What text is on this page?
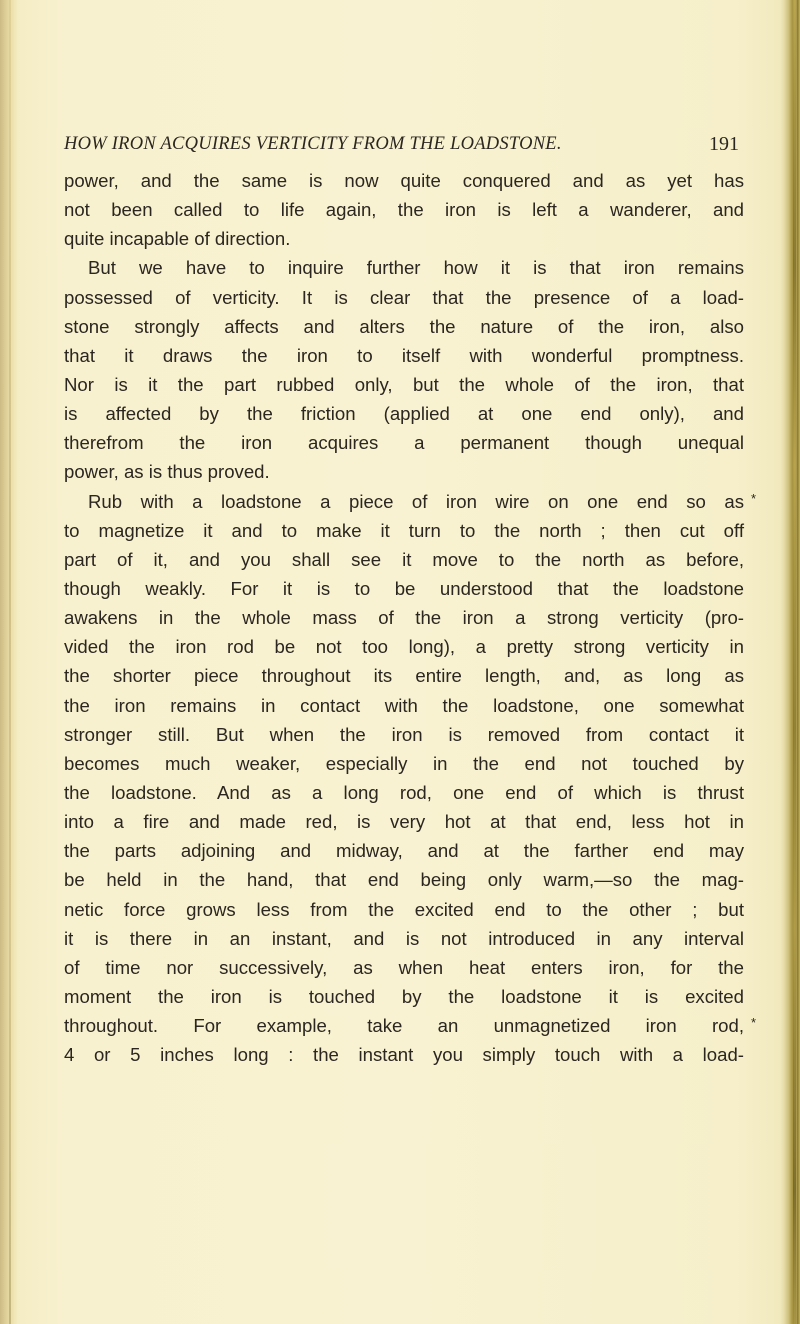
HOW IRON ACQUIRES VERTICITY FROM THE LOADSTONE.	191
power, and the same is now quite conquered and as yet has
not been called to life again, the iron is left a wanderer, and
quite incapable of direction.
But we have to inquire further how it is that iron remains
possessed of verticity. It is clear that the presence of a load-
stone strongly affects and alters the nature of the iron, also
that it draws the iron to itself with wonderful promptness.
Nor is it the part rubbed only, but the whole of the iron, that
is affected by the friction (applied at one end only), and
therefrom the iron acquires a permanent though unequal
power, as is thus proved.
Rub with a loadstone a piece of iron wire on one end so as *
to magnetize it and to make it turn to the north ; then cut off
part of it, and you shall see it move to the north as before,
though weakly. For it is to be understood that the loadstone
awakens in the whole mass of the iron a strong verticity (pro-
vided the iron rod be not too long), a pretty strong verticity in
the shorter piece throughout its entire length, and, as long as
the iron remains in contact with the loadstone, one somewhat
stronger still. But when the iron is removed from contact it
becomes much weaker, especially in the end not touched by
the loadstone. And as a long rod, one end of which is thrust
into a fire and made red, is very hot at that end, less hot in
the parts adjoining and midway, and at the farther end may
be held in the hand, that end being only warm,—so the mag-
netic force grows less from the excited end to the other ; but
it is there in an instant, and is not introduced in any interval
of time nor successively, as when heat enters iron, for the
moment the iron is touched by the loadstone it is excited
throughout. For example, take an unmagnetized iron rod, *
4 or 5 inches long : the instant you simply touch with a load-
